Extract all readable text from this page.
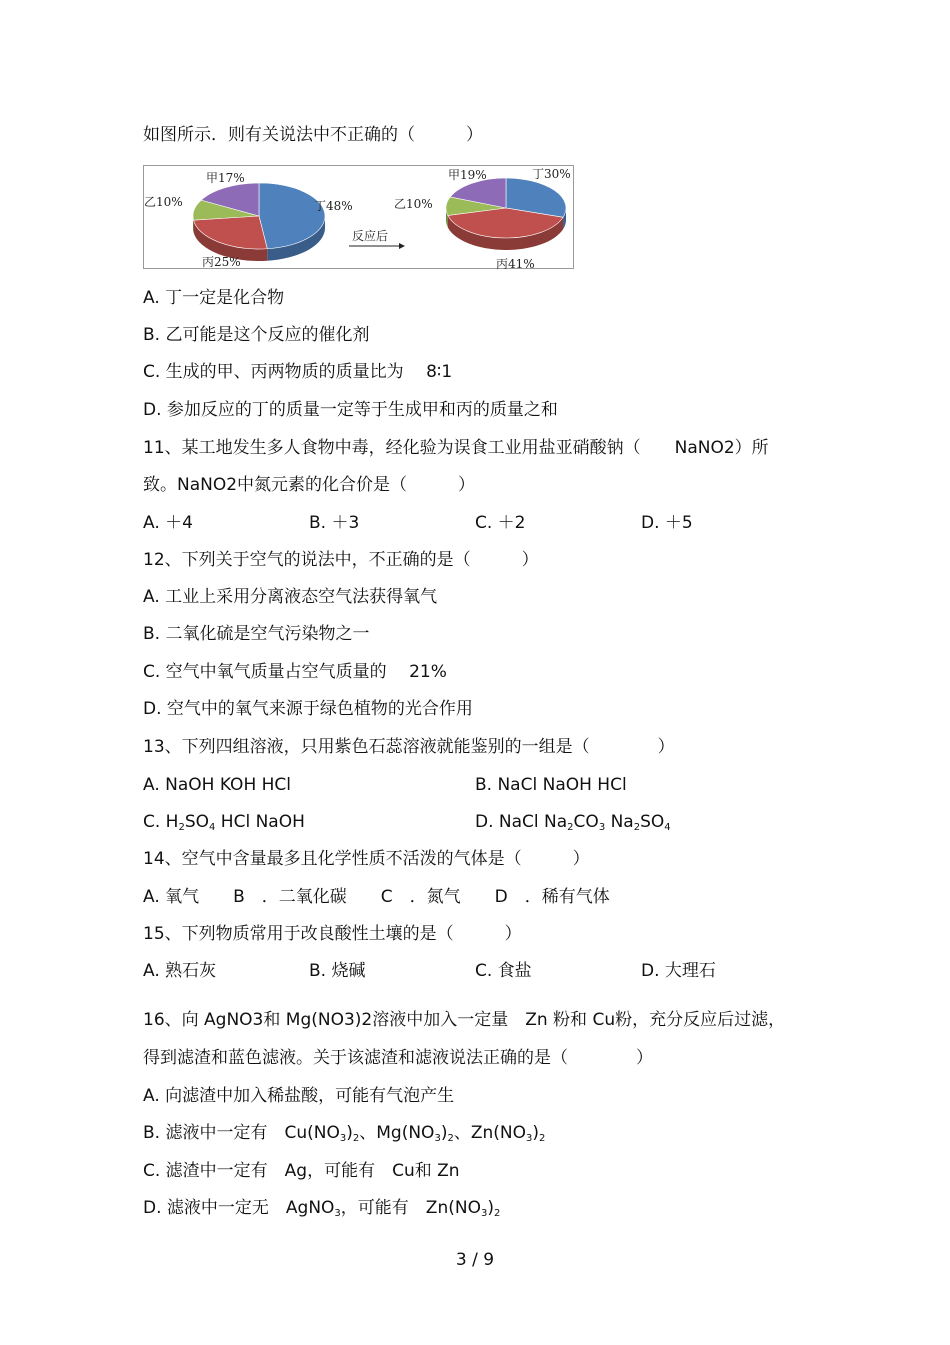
如图所示．则有关说法中不正确的（　　　）
甲17%
乙10%
丙25%
丁48%
甲19%
乙10%
丙41%
丁30%
反应后
A. 丁一定是化合物
B. 乙可能是这个反应的催化剂
C. 生成的甲、丙两物质的质量比为　 8∶1
D. 参加反应的丁的质量一定等于生成甲和丙的质量之和
11、某工地发生多人食物中毒，经化验为误食工业用盐亚硝酸钠（　　NaNO2）所
致。NaNO2中氮元素的化合价是（　　　）
A. ＋4	B. ＋3	C. ＋2	D. ＋5
12、下列关于空气的说法中，不正确的是（　　　）
A. 工业上采用分离液态空气法获得氧气
B. 二氧化硫是空气污染物之一
C. 空气中氧气质量占空气质量的　 21%
D. 空气中的氧气来源于绿色植物的光合作用
13、下列四组溶液，只用紫色石蕊溶液就能鉴别的一组是（　　　　）
A. NaOH KOH HCl	B. NaCl NaOH HCl
C. $H_2SO_4$ HCl NaOH	D. NaCl $Na_2CO_3$ $Na_2SO_4$
14、空气中含量最多且化学性质不活泼的气体是（　　　）
A. 氧气　　B　．二氧化碳　　C　．氮气　　D　．稀有气体
15、下列物质常用于改良酸性土壤的是（　　　）
A. 熟石灰	B. 烧碱	C. 食盐	D. 大理石
16、向 AgNO3和 Mg(NO3)2溶液中加入一定量　Zn 粉和 Cu粉，充分反应后过滤，
得到滤渣和蓝色滤液。关于该滤渣和滤液说法正确的是（　　　　）
A. 向滤渣中加入稀盐酸，可能有气泡产生
B. 滤液中一定有　$Cu(NO_3)_2$、$Mg(NO_3)_2$、$Zn(NO_3)_2$
C. 滤渣中一定有　Ag，可能有　Cu和 Zn
D. 滤液中一定无　AgNO$_3$，可能有　$Zn(NO_3)_2$
3 / 9
